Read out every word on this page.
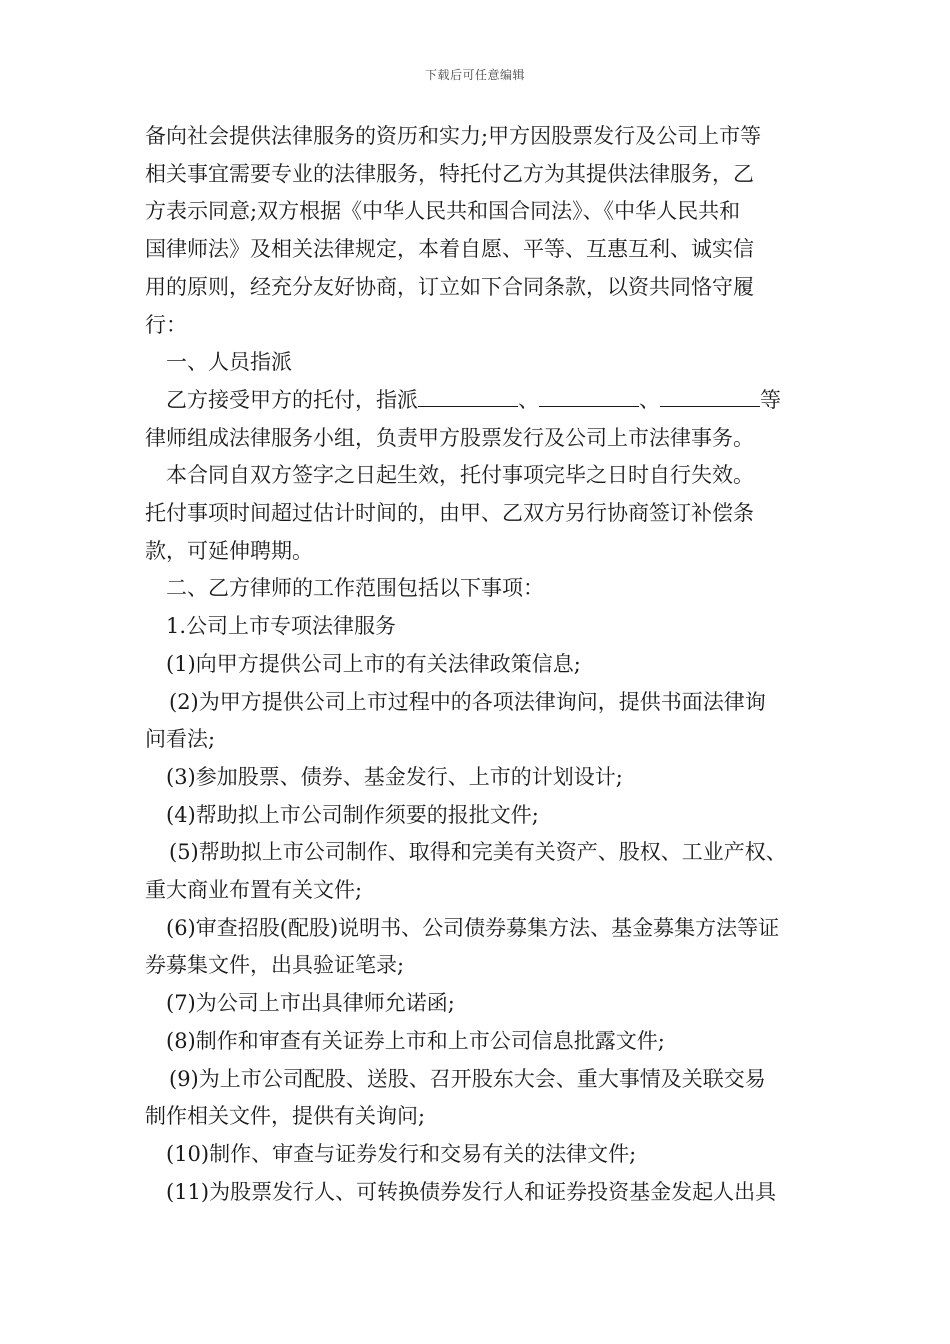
下载后可任意编辑

备向社会提供法律服务的资历和实力;甲方因股票发行及公司上市等

相关事宜需要专业的法律服务，特托付乙方为其提供法律服务，乙

方表示同意;双方根据《中华人民共和国合同法》、《中华人民共和

国律师法》及相关法律规定，本着自愿、平等、互惠互利、诚实信

用的原则，经充分友好协商，订立如下合同条款，以资共同恪守履

行：

一、人员指派

乙方接受甲方的托付，指派	、	、	等

律师组成法律服务小组，负责甲方股票发行及公司上市法律事务。

本合同自双方签字之日起生效，托付事项完毕之日时自行失效。

托付事项时间超过估计时间的，由甲、乙双方另行协商签订补偿条

款，可延伸聘期。

二、乙方律师的工作范围包括以下事项：

1.公司上市专项法律服务

(1)向甲方提供公司上市的有关法律政策信息;

(2)为甲方提供公司上市过程中的各项法律询问，提供书面法律询

问看法;

(3)参加股票、债券、基金发行、上市的计划设计;

(4)帮助拟上市公司制作须要的报批文件;

(5)帮助拟上市公司制作、取得和完美有关资产、股权、工业产权、

重大商业布置有关文件;

(6)审查招股(配股)说明书、公司债券募集方法、基金募集方法等证

券募集文件，出具验证笔录;

(7)为公司上市出具律师允诺函;

(8)制作和审查有关证券上市和上市公司信息批露文件;

(9)为上市公司配股、送股、召开股东大会、重大事情及关联交易

制作相关文件，提供有关询问;

(10)制作、审查与证券发行和交易有关的法律文件;

(11)为股票发行人、可转换债券发行人和证券投资基金发起人出具
